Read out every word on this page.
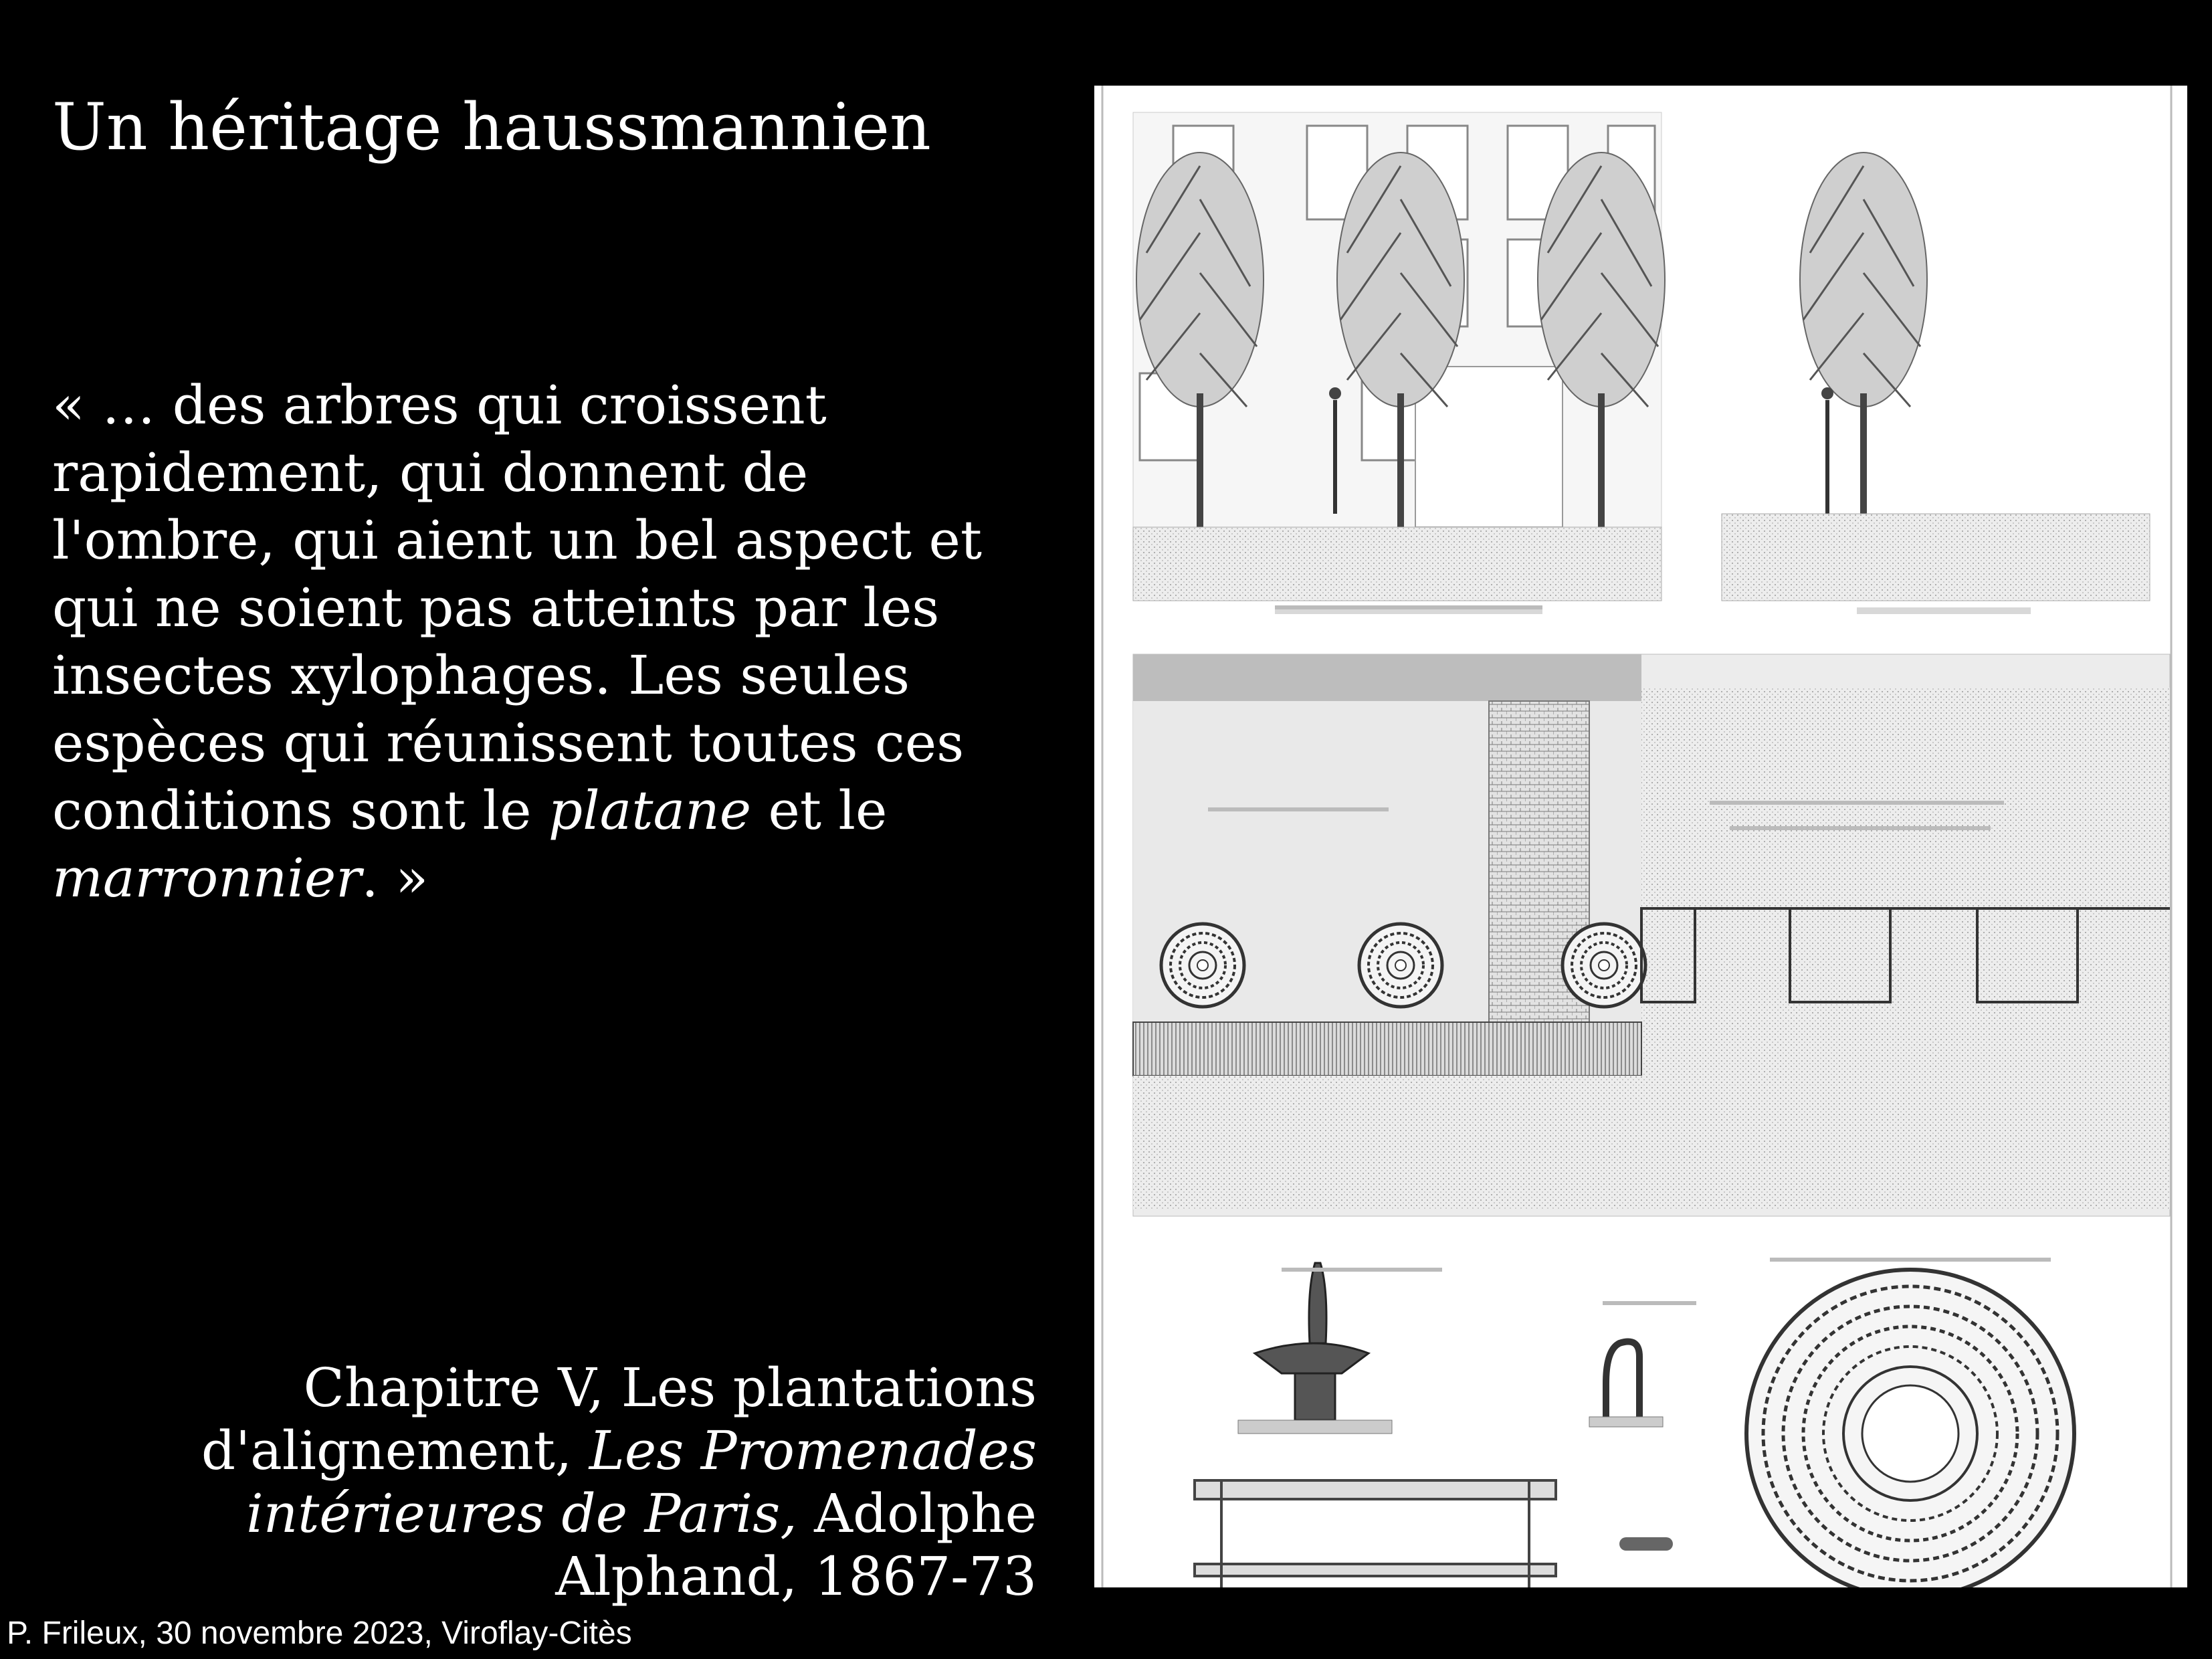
Un héritage haussmannien
« … des arbres qui croissent
rapidement, qui donnent de
l'ombre, qui aient un bel aspect et
qui ne soient pas atteints par les
insectes xylophages. Les seules
espèces qui réunissent toutes ces
conditions sont le platane et le
marronnier. »
Chapitre V, Les plantations
d'alignement, Les Promenades
intérieures de Paris, Adolphe
Alphand, 1867-73
P. Frileux, 30 novembre 2023, Viroflay-Citès
